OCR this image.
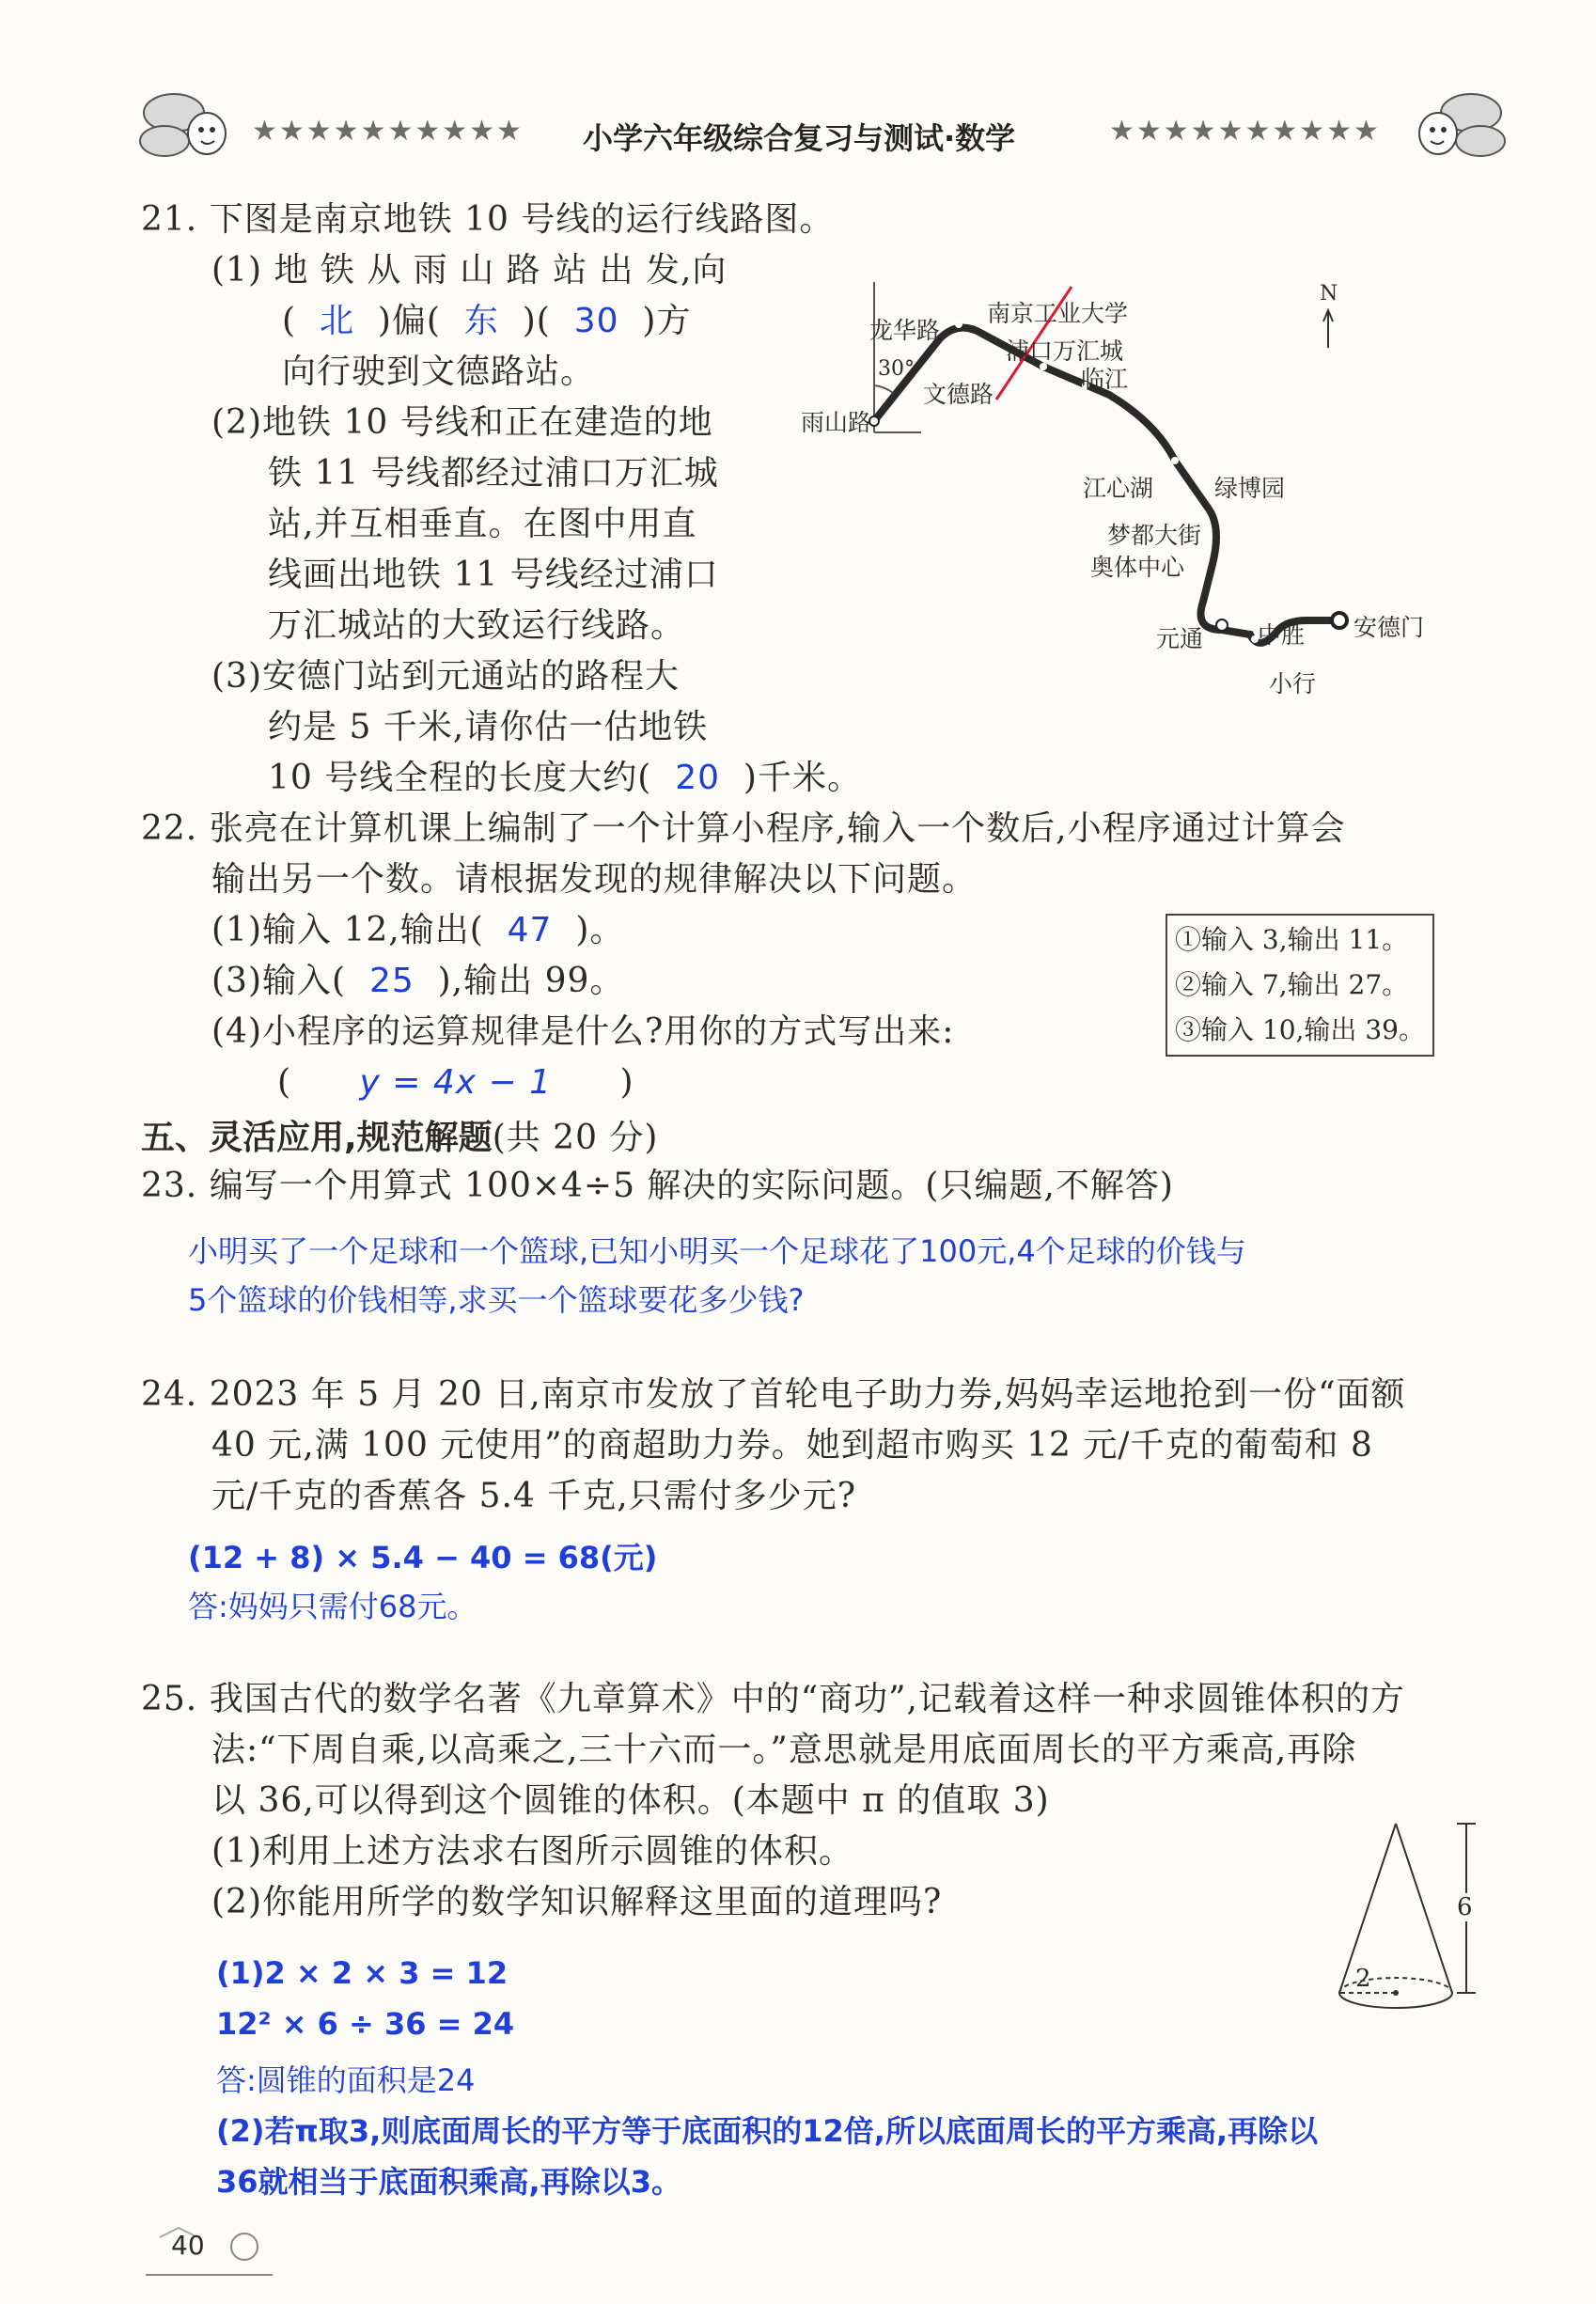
★★★★★★★★★★ 小学六年级综合复习与测试·数学	★★★★★★★★★★
21. 下图是南京地铁 10 号线的运行线路图。
(1) 地 铁 从 雨 山 路 站 出 发,向
( 北 )偏( 东 )( 30 )方
向行驶到文德路站。
(2)地铁 10 号线和正在建造的地
铁 11 号线都经过浦口万汇城
站,并互相垂直。在图中用直
线画出地铁 11 号线经过浦口
万汇城站的大致运行线路。
(3)安德门站到元通站的路程大
约是 5 千米,请你估一估地铁
10 号线全程的长度大约( 20 )千米。
龙华路
南京工业大学
浦口万汇城
临江
文德路
雨山路
江心湖	绿博园
梦都大街
奥体中心
元通 中胜 安德门
小行
30°
N
22. 张亮在计算机课上编制了一个计算小程序,输入一个数后,小程序通过计算会
输出另一个数。请根据发现的规律解决以下问题。
(1)输入 12,输出( 47 )。
(3)输入( 25 ),输出 99。
(4)小程序的运算规律是什么?用你的方式写出来:
( y = 4x − 1 )
①输入 3,输出 11。
②输入 7,输出 27。
③输入 10,输出 39。
五、灵活应用,规范解题(共 20 分)
23. 编写一个用算式 100×4÷5 解决的实际问题。(只编题,不解答)
小明买了一个足球和一个篮球,已知小明买一个足球花了100元,4个足球的价钱与
5个篮球的价钱相等,求买一个篮球要花多少钱?
24. 2023 年 5 月 20 日,南京市发放了首轮电子助力券,妈妈幸运地抢到一份“面额
40 元,满 100 元使用”的商超助力券。她到超市购买 12 元/千克的葡萄和 8
元/千克的香蕉各 5.4 千克,只需付多少元?
(12 + 8) × 5.4 − 40 = 68(元)
答:妈妈只需付68元。
25. 我国古代的数学名著《九章算术》中的“商功”,记载着这样一种求圆锥体积的方
法:“下周自乘,以高乘之,三十六而一。”意思就是用底面周长的平方乘高,再除
以 36,可以得到这个圆锥的体积。(本题中 π 的值取 3)
(1)利用上述方法求右图所示圆锥的体积。
(2)你能用所学的数学知识解释这里面的道理吗?	6
2
(1)2 × 2 × 3 = 12
12² × 6 ÷ 36 = 24
答:圆锥的面积是24
(2)若π取3,则底面周长的平方等于底面积的12倍,所以底面周长的平方乘高,再除以
36就相当于底面积乘高,再除以3。
40
